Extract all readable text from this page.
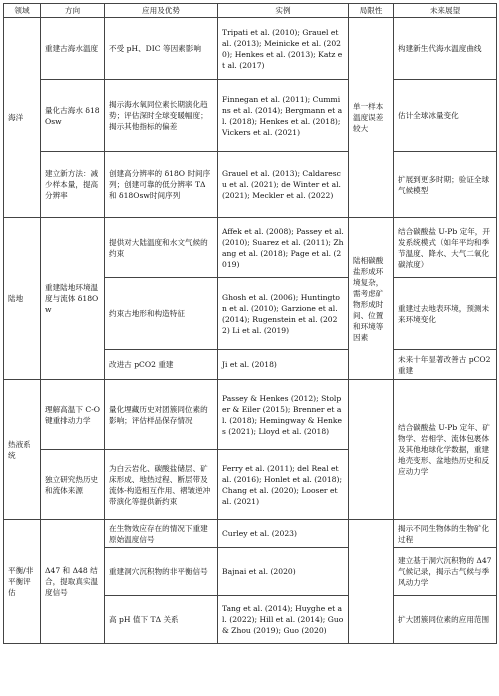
领域	方向	应用及优势	实例	局限性	未来展望
海洋	重建古海水温度	不受 pH、DIC 等因素影响	Tripati et al. (2010); Grauel et al. (2013); Meinicke et al. (2020); Henkes et al. (2013); Katz et al. (2017)	单一样本温度误差较大	构建新生代海水温度曲线
	量化古海水 δ18Osw	揭示海水氧同位素长期演化趋势；评估深时全球变暖幅度；揭示其他指标的偏差	Finnegan et al. (2011); Cummins et al. (2014); Bergmann et al. (2018); Henkes et al. (2018); Vickers et al. (2021)		估计全球冰量变化
	建立新方法：减少样本量，提高分辨率	创建高分辨率的 δ18O 时间序列；创建可靠的低分辨率 TΔ 和 δ18Osw时间序列	Grauel et al. (2013); Caldarescu et al. (2021); de Winter et al. (2021); Meckler et al. (2022)		扩展到更多时期；验证全球气候模型
陆地	重建陆地环境温度与流体 δ18Ow	提供对大陆温度和水文气候的约束	Affek et al. (2008); Passey et al. (2010); Suarez et al. (2011); Zhang et al. (2018); Page et al. (2019)	陆相碳酸盐形成环境复杂，需考虑矿物形成时间、位置和环境等因素	结合碳酸盐 U-Pb 定年，开发系统模式（如年平均和季节温度、降水、大气二氧化碳浓度）
		约束古地形和构造特征	Ghosh et al. (2006); Huntington et al. (2010); Garzione et al. (2014); Rugenstein et al. (2022) Li et al. (2019)		重建过去地表环境，预测未来环境变化
		改进古 pCO2 重建	Ji et al. (2018)		未来十年显著改善古 pCO2 重建
热液系统	理解高温下 C-O 键重排动力学	量化埋藏历史对团簇同位素的影响；评估样品保存情况	Passey & Henkes (2012); Stolper & Eiler (2015); Brenner et al. (2018); Hemingway & Henkes (2021); Lloyd et al. (2018)		结合碳酸盐 U-Pb 定年、矿物学、岩相学、流体包裹体及其他地球化学数据，重建地壳变形、盆地热历史和反应动力学
	独立研究热历史和流体来源	为白云岩化、碳酸盐储层、矿床形成、地热过程、断层带及流体-构造相互作用、褶皱逆冲带演化等提供新约束	Ferry et al. (2011); del Real et al. (2016); Honlet et al. (2018); Chang et al. (2020); Looser et al. (2021)		
平衡/非平衡评估	Δ47 和 Δ48 结合，提取真实温度信号	在生物效应存在的情况下重建原始温度信号	Curley et al. (2023)		揭示不同生物体的生物矿化过程
		重建洞穴沉积物的非平衡信号	Bajnai et al. (2020)		建立基于洞穴沉积物的 Δ47 气候记录，揭示古气候与季风动力学
		高 pH 值下 TΔ 关系	Tang et al. (2014); Huyghe et al. (2022); Hill et al. (2014); Guo & Zhou (2019); Guo (2020)		扩大团簇同位素的应用范围
